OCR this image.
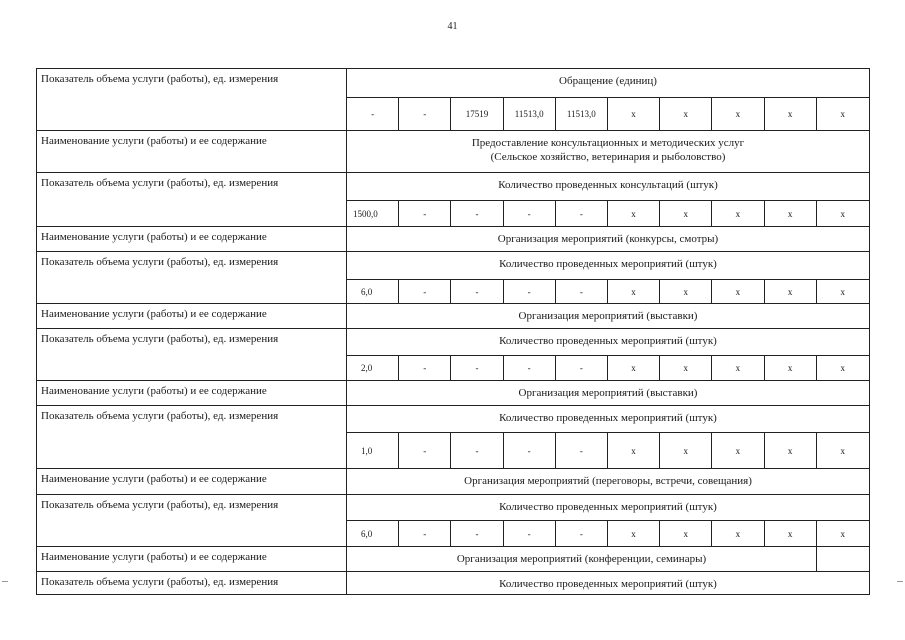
41
Показатель объема услуги (работы), ед. измерения	Обращение (единиц)
-	-	17519	11513,0	11513,0	х	х	х	х	х
Наименование услуги (работы) и ее содержание	Предоставление консультационных и методических услуг
(Сельское хозяйство, ветеринария и рыболовство)
Показатель объема услуги (работы), ед. измерения	Количество проведенных консультаций (штук)
1500,0	-	-	-	-	х	х	х	х	х
Наименование услуги (работы) и ее содержание	Организация мероприятий (конкурсы, смотры)
Показатель объема услуги (работы), ед. измерения	Количество проведенных мероприятий (штук)
6,0	-	-	-	-	х	х	х	х	х
Наименование услуги (работы) и ее содержание	Организация мероприятий (выставки)
Показатель объема услуги (работы), ед. измерения	Количество проведенных мероприятий (штук)
2,0	-	-	-	-	х	х	х	х	х
Наименование услуги (работы) и ее содержание	Организация мероприятий (выставки)
Показатель объема услуги (работы), ед. измерения	Количество проведенных мероприятий (штук)
1,0	-	-	-	-	х	х	х	х	х
Наименование услуги (работы) и ее содержание	Организация мероприятий (переговоры, встречи, совещания)
Показатель объема услуги (работы), ед. измерения	Количество проведенных мероприятий (штук)
6,0	-	-	-	-	х	х	х	х	х
Наименование услуги (работы) и ее содержание	Организация мероприятий (конференции, семинары)
Показатель объема услуги (работы), ед. измерения	Количество проведенных мероприятий (штук)
